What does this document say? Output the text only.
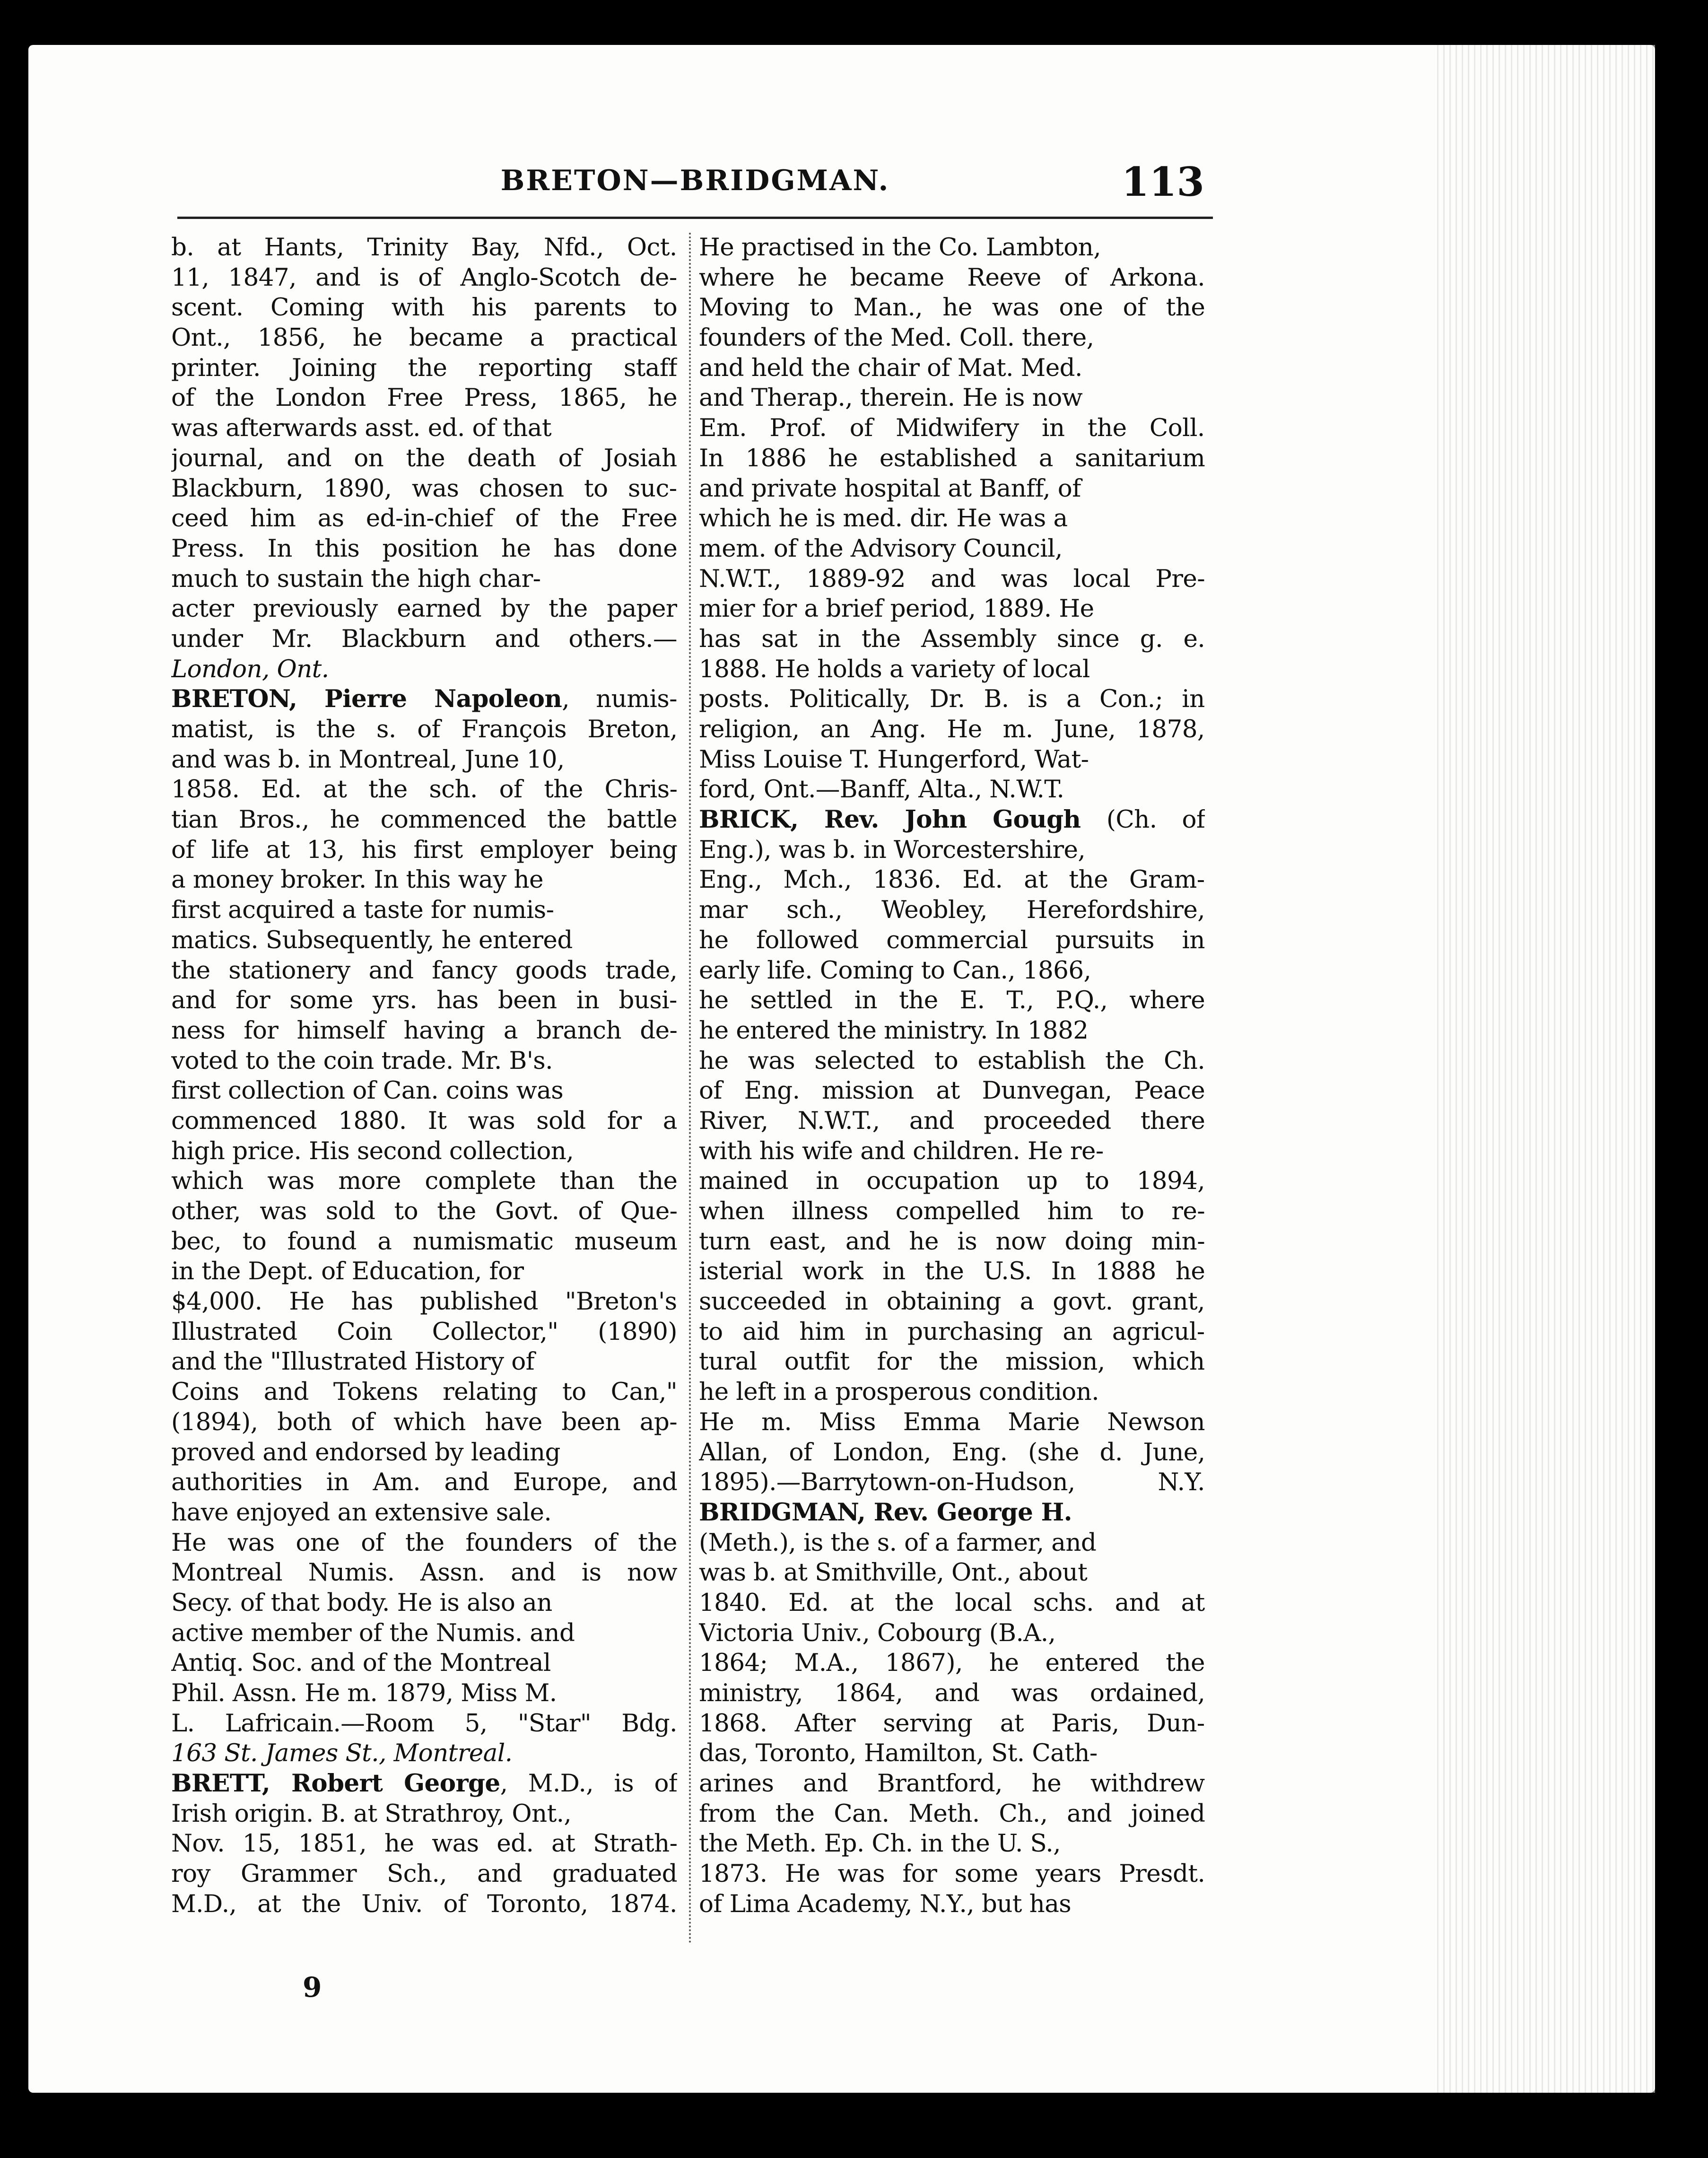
BRETON—BRIDGMAN.	113
b. at Hants, Trinity Bay, Nfd., Oct.
11, 1847, and is of Anglo-Scotch de-
scent. Coming with his parents to
Ont., 1856, he became a practical
printer. Joining the reporting staff
of the London Free Press, 1865, he
was afterwards asst. ed. of that
journal, and on the death of Josiah
Blackburn, 1890, was chosen to suc-
ceed him as ed-in-chief of the Free
Press. In this position he has done
much to sustain the high char-
acter previously earned by the paper
under Mr. Blackburn and others.—
London, Ont.
BRETON, Pierre Napoleon, numis-
matist, is the s. of François Breton,
and was b. in Montreal, June 10,
1858. Ed. at the sch. of the Chris-
tian Bros., he commenced the battle
of life at 13, his first employer being
a money broker. In this way he
first acquired a taste for numis-
matics. Subsequently, he entered
the stationery and fancy goods trade,
and for some yrs. has been in busi-
ness for himself having a branch de-
voted to the coin trade. Mr. B's.
first collection of Can. coins was
commenced 1880. It was sold for a
high price. His second collection,
which was more complete than the
other, was sold to the Govt. of Que-
bec, to found a numismatic museum
in the Dept. of Education, for
$4,000. He has published "Breton's
Illustrated Coin Collector," (1890)
and the "Illustrated History of
Coins and Tokens relating to Can,"
(1894), both of which have been ap-
proved and endorsed by leading
authorities in Am. and Europe, and
have enjoyed an extensive sale.
He was one of the founders of the
Montreal Numis. Assn. and is now
Secy. of that body. He is also an
active member of the Numis. and
Antiq. Soc. and of the Montreal
Phil. Assn. He m. 1879, Miss M.
L. Lafricain.—Room 5, "Star" Bdg.
163 St. James St., Montreal.
BRETT, Robert George, M.D., is of
Irish origin. B. at Strathroy, Ont.,
Nov. 15, 1851, he was ed. at Strath-
roy Grammer Sch., and graduated
M.D., at the Univ. of Toronto, 1874.
He practised in the Co. Lambton,
where he became Reeve of Arkona.
Moving to Man., he was one of the
founders of the Med. Coll. there,
and held the chair of Mat. Med.
and Therap., therein. He is now
Em. Prof. of Midwifery in the Coll.
In 1886 he established a sanitarium
and private hospital at Banff, of
which he is med. dir. He was a
mem. of the Advisory Council,
N.W.T., 1889-92 and was local Pre-
mier for a brief period, 1889. He
has sat in the Assembly since g. e.
1888. He holds a variety of local
posts. Politically, Dr. B. is a Con.; in
religion, an Ang. He m. June, 1878,
Miss Louise T. Hungerford, Wat-
ford, Ont.—Banff, Alta., N.W.T.
BRICK, Rev. John Gough (Ch. of
Eng.), was b. in Worcestershire,
Eng., Mch., 1836. Ed. at the Gram-
mar sch., Weobley, Herefordshire,
he followed commercial pursuits in
early life. Coming to Can., 1866,
he settled in the E. T., P.Q., where
he entered the ministry. In 1882
he was selected to establish the Ch.
of Eng. mission at Dunvegan, Peace
River, N.W.T., and proceeded there
with his wife and children. He re-
mained in occupation up to 1894,
when illness compelled him to re-
turn east, and he is now doing min-
isterial work in the U.S. In 1888 he
succeeded in obtaining a govt. grant,
to aid him in purchasing an agricul-
tural outfit for the mission, which
he left in a prosperous condition.
He m. Miss Emma Marie Newson
Allan, of London, Eng. (she d. June,
1895).—Barrytown-on-Hudson, N.Y.
BRIDGMAN, Rev. George H.
(Meth.), is the s. of a farmer, and
was b. at Smithville, Ont., about
1840. Ed. at the local schs. and at
Victoria Univ., Cobourg (B.A.,
1864; M.A., 1867), he entered the
ministry, 1864, and was ordained,
1868. After serving at Paris, Dun-
das, Toronto, Hamilton, St. Cath-
arines and Brantford, he withdrew
from the Can. Meth. Ch., and joined
the Meth. Ep. Ch. in the U. S.,
1873. He was for some years Presdt.
of Lima Academy, N.Y., but has
9
